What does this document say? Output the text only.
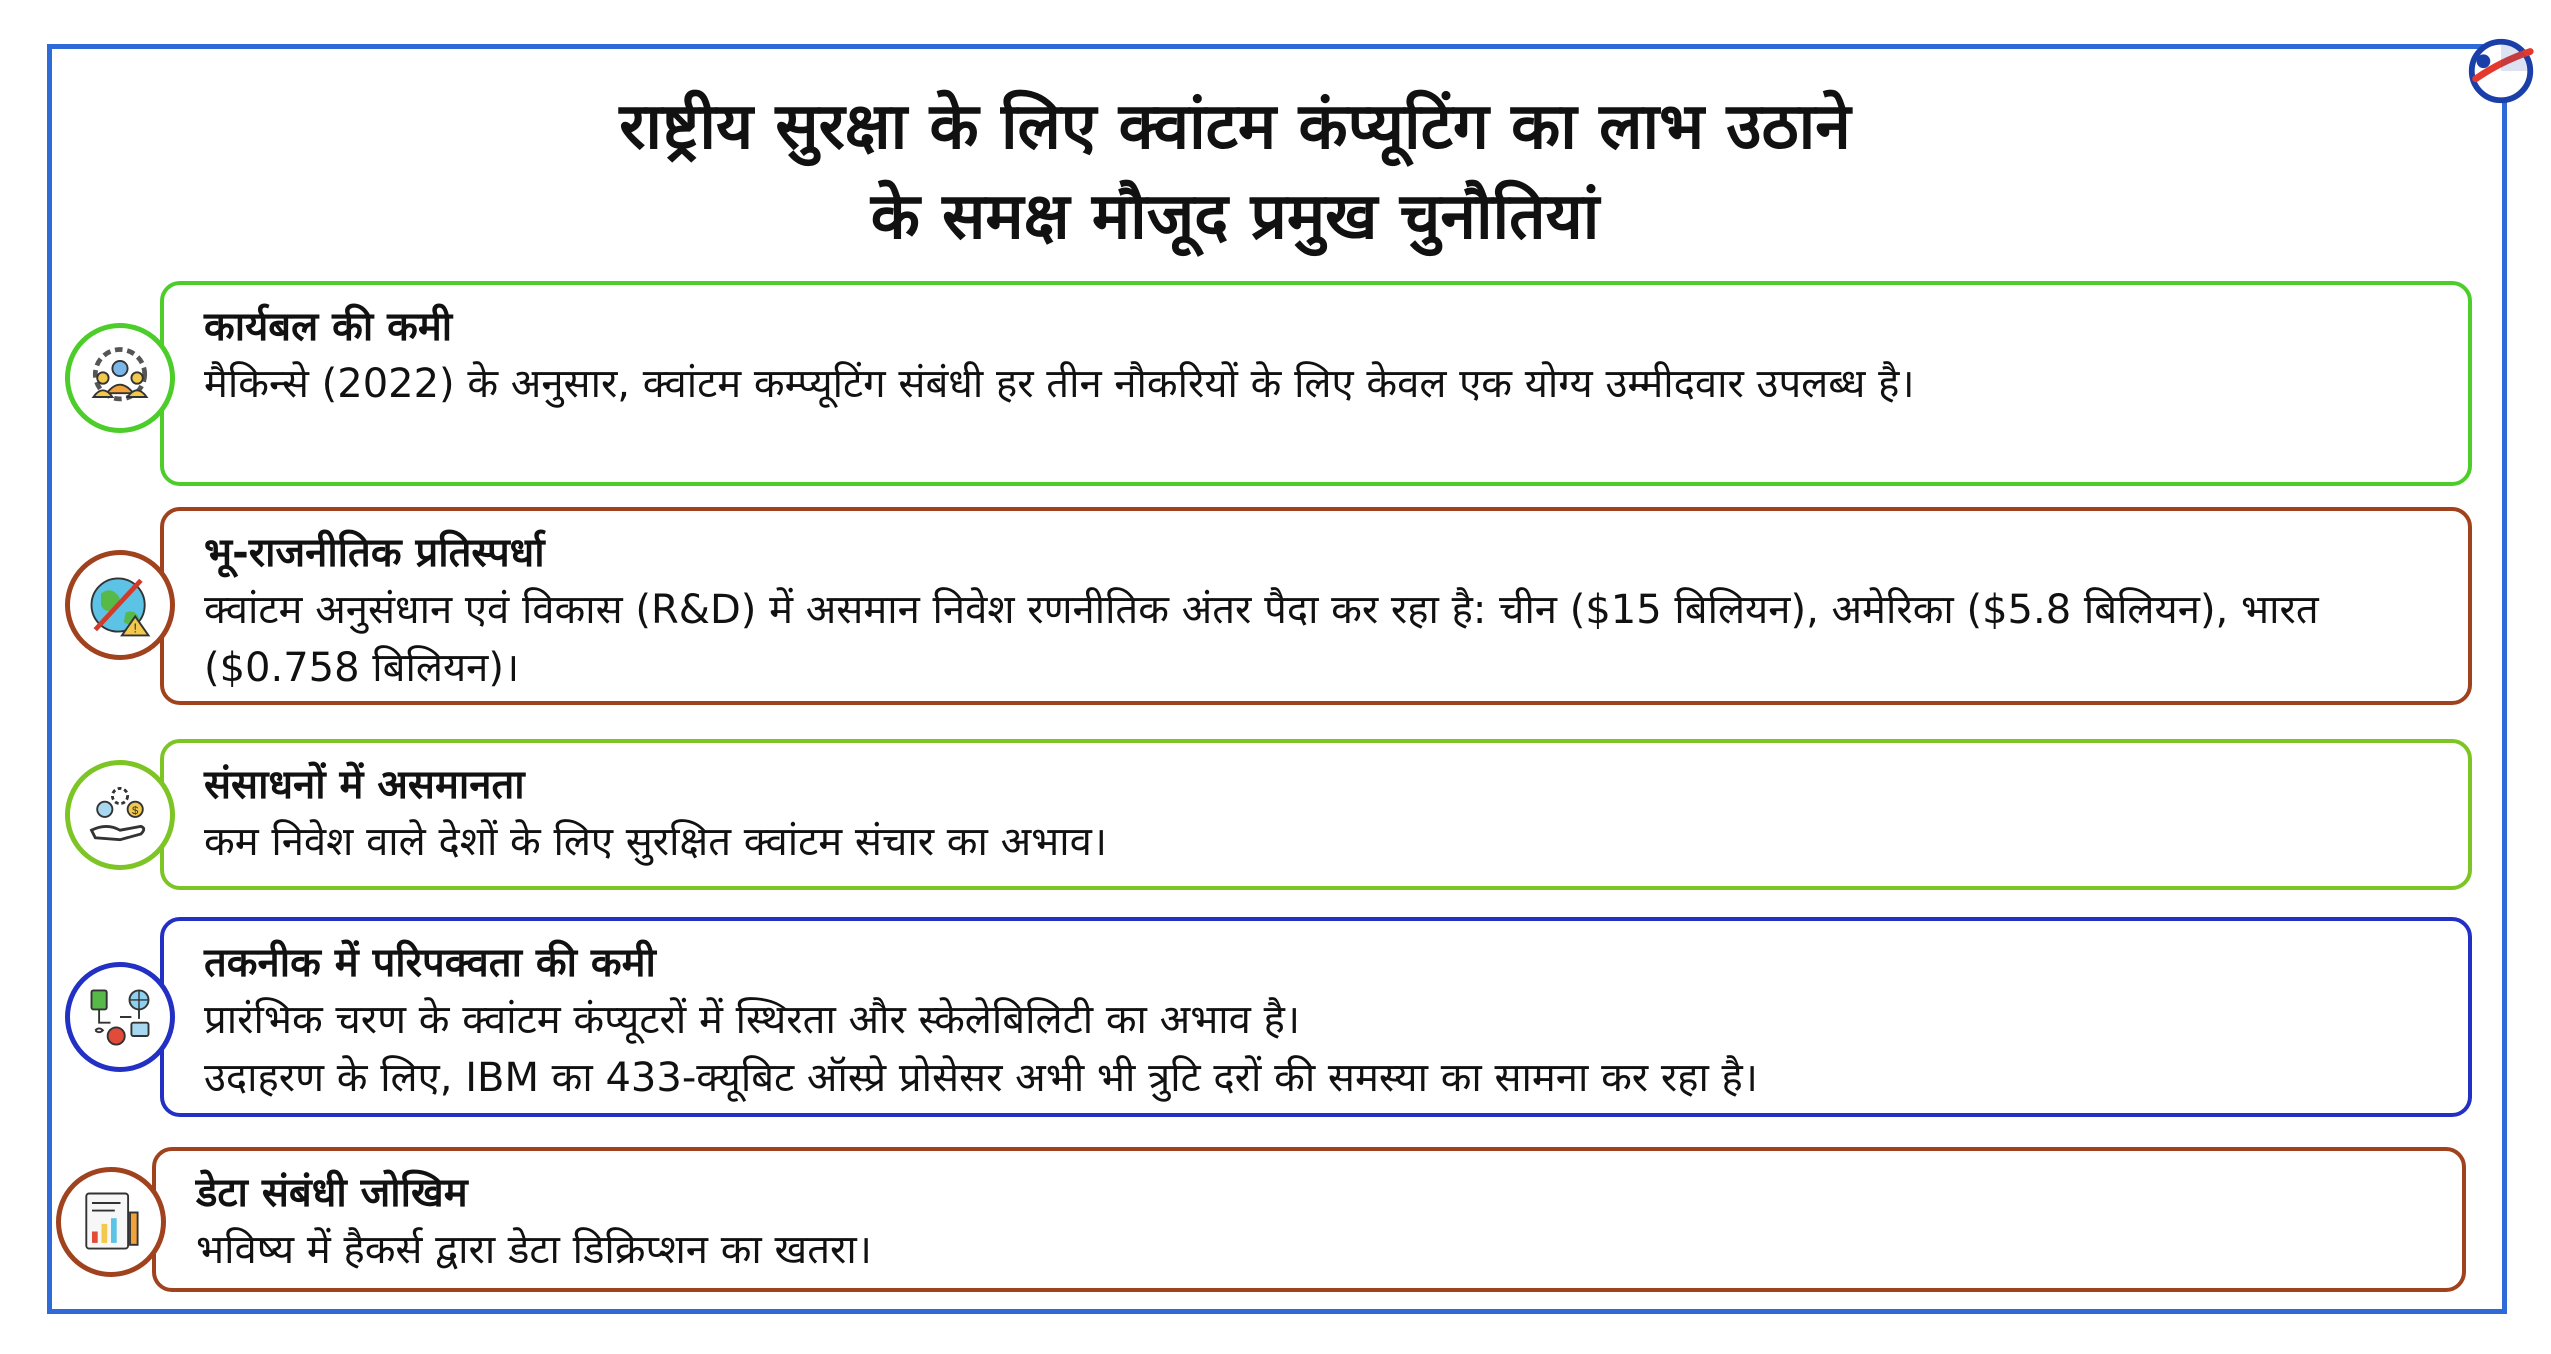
राष्ट्रीय सुरक्षा के लिए क्वांटम कंप्यूटिंग का लाभ उठाने
के समक्ष मौजूद प्रमुख चुनौतियां
कार्यबल की कमी
मैकिन्से (2022) के अनुसार, क्वांटम कम्प्यूटिंग संबंधी हर तीन नौकरियों के लिए केवल एक योग्य उम्मीदवार उपलब्ध है।
भू-राजनीतिक प्रतिस्पर्धा
क्वांटम अनुसंधान एवं विकास (R&D) में असमान निवेश रणनीतिक अंतर पैदा कर रहा है: चीन ($15 बिलियन), अमेरिका ($5.8 बिलियन), भारत ($0.758 बिलियन)।
!
संसाधनों में असमानता
कम निवेश वाले देशों के लिए सुरक्षित क्वांटम संचार का अभाव।
$
तकनीक में परिपक्वता की कमी
प्रारंभिक चरण के क्वांटम कंप्यूटरों में स्थिरता और स्केलेबिलिटी का अभाव है।
उदाहरण के लिए, IBM का 433-क्यूबिट ऑस्प्रे प्रोसेसर अभी भी त्रुटि दरों की समस्या का सामना कर रहा है।
डेटा संबंधी जोखिम
भविष्य में हैकर्स द्वारा डेटा डिक्रिप्शन का खतरा।
